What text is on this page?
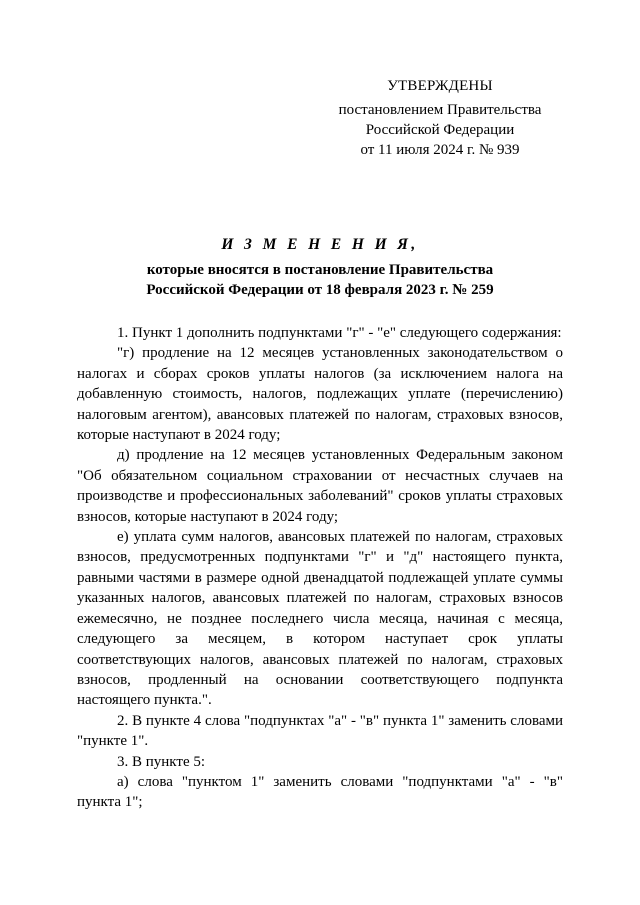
УТВЕРЖДЕНЫ
постановлением Правительства
Российской Федерации
от 11 июля 2024 г. № 939
И З М Е Н Е Н И Я,
которые вносятся в постановление Правительства
Российской Федерации от 18 февраля 2023 г. № 259

1. Пункт 1 дополнить подпунктами "г" - "е" следующего содержания:

"г) продление на 12 месяцев установленных законодательством о налогах и сборах сроков уплаты налогов (за исключением налога на добавленную стоимость, налогов, подлежащих уплате (перечислению) налоговым агентом), авансовых платежей по налогам, страховых взносов, которые наступают в 2024 году;

д) продление на 12 месяцев установленных Федеральным законом "Об обязательном социальном страховании от несчастных случаев на производстве и профессиональных заболеваний" сроков уплаты страховых взносов, которые наступают в 2024 году;

е) уплата сумм налогов, авансовых платежей по налогам, страховых взносов, предусмотренных подпунктами "г" и "д" настоящего пункта, равными частями в размере одной двенадцатой подлежащей уплате суммы указанных налогов, авансовых платежей по налогам, страховых взносов ежемесячно, не позднее последнего числа месяца, начиная с месяца, следующего за месяцем, в котором наступает срок уплаты соответствующих налогов, авансовых платежей по налогам, страховых взносов, продленный на основании соответствующего подпункта настоящего пункта.".

2. В пункте 4 слова "подпунктах "а" - "в" пункта 1" заменить словами "пункте 1".

3. В пункте 5:

а) слова "пунктом 1" заменить словами "подпунктами "а" - "в" пункта 1";
